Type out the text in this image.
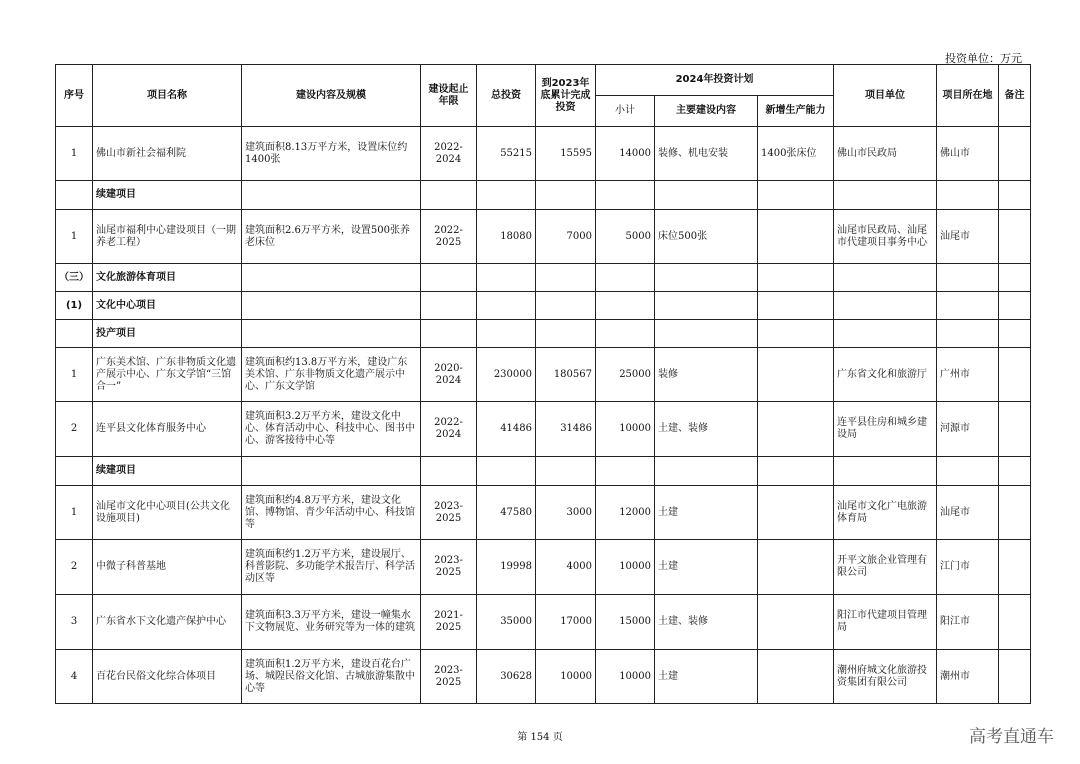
投资单位：万元
序号	项目名称	建设内容及规模	建设起止年限	总投资	到2023年底累计完成投资	2024年投资计划			项目单位	项目所在地	备注
						小计	主要建设内容	新增生产能力			
1	佛山市新社会福利院	建筑面积8.13万平方米，设置床位约1400张	2022-2024	55215	15595	14000	装修、机电安装	1400张床位	佛山市民政局	佛山市	
	续建项目										
1	汕尾市福利中心建设项目（一期养老工程）	建筑面积2.6万平方米，设置500张养老床位	2022-2025	18080	7000	5000	床位500张		汕尾市民政局、汕尾市代建项目事务中心	汕尾市	
（三）	文化旅游体育项目										
(1)	文化中心项目										
	投产项目										
1	广东美术馆、广东非物质文化遗产展示中心、广东文学馆“三馆合一”	建筑面积约13.8万平方米，建设广东美术馆、广东非物质文化遗产展示中心、广东文学馆	2020-2024	230000	180567	25000	装修		广东省文化和旅游厅	广州市	
2	连平县文化体育服务中心	建筑面积3.2万平方米，建设文化中心、体育活动中心、科技中心、图书中心、游客接待中心等	2022-2024	41486	31486	10000	土建、装修		连平县住房和城乡建设局	河源市	
	续建项目										
1	汕尾市文化中心项目(公共文化设施项目)	建筑面积约4.8万平方米，建设文化馆、博物馆、青少年活动中心、科技馆等	2023-2025	47580	3000	12000	土建		汕尾市文化广电旅游体育局	汕尾市	
2	中微子科普基地	建筑面积约1.2万平方米，建设展厅、科普影院、多功能学术报告厅、科学活动区等	2023-2025	19998	4000	10000	土建		开平文旅企业管理有限公司	江门市	
3	广东省水下文化遗产保护中心	建筑面积3.3万平方米，建设一幢集水下文物展览、业务研究等为一体的建筑	2021-2025	35000	17000	15000	土建、装修		阳江市代建项目管理局	阳江市	
4	百花台民俗文化综合体项目	建筑面积1.2万平方米，建设百花台广场、城隍民俗文化馆、古城旅游集散中心等	2023-2025	30628	10000	10000	土建		潮州府城文化旅游投资集团有限公司	潮州市	
第 154 页	高考直通车
